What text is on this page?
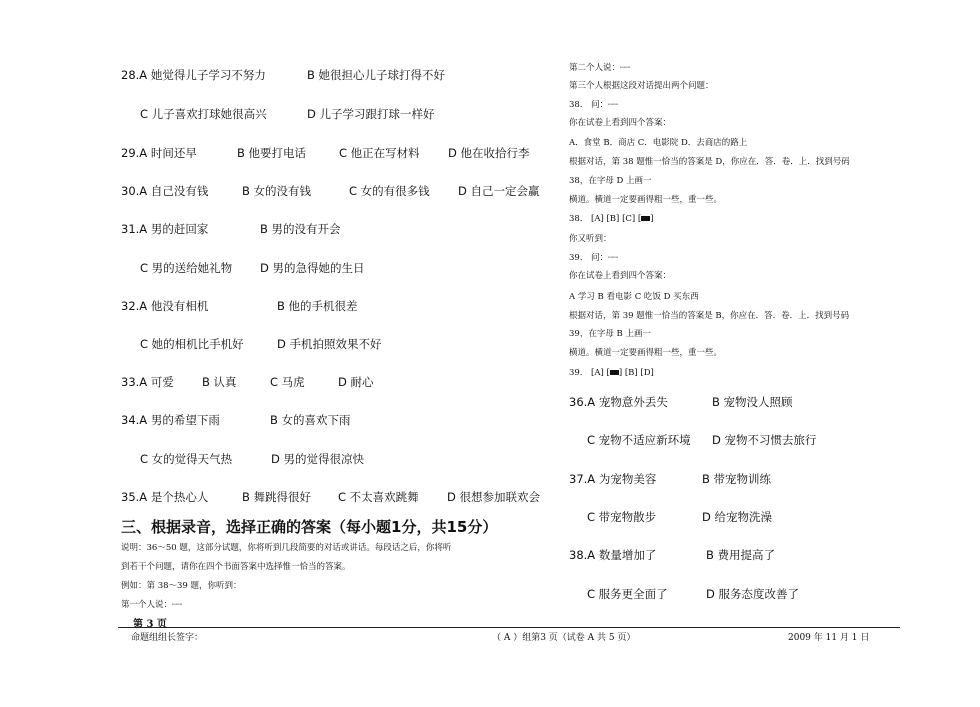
28.A 她觉得儿子学习不努力	B 她很担心儿子球打得不好
C 儿子喜欢打球她很高兴	D 儿子学习跟打球一样好
29.A 时间还早	B 他要打电话	C 他正在写材料 D 他在收拾行李
30.A 自己没有钱	B 女的没有钱	C 女的有很多钱 D 自己一定会赢
31.A 男的赶回家	B 男的没有开会
C 男的送给她礼物 D 男的急得她的生日
32.A 他没有相机	B 他的手机很差
C 她的相机比手机好	D 手机拍照效果不好
33.A 可爱 B 认真	C 马虎	D 耐心
34.A 男的希望下雨	B 女的喜欢下雨
C 女的觉得天气热	D 男的觉得很凉快
35.A 是个热心人	B 舞跳得很好 C 不太喜欢跳舞 D 很想参加联欢会
三、根据录音，选择正确的答案（每小题1分，共15分）
说明：36～50 题，这部分试题，你将听到几段简要的对话或讲话。每段话之后，你将听
到若干个问题，请你在四个书面答案中选择惟一恰当的答案。
例如：第 38～39 题，你听到：
第一个人说：┈┈
第二个人说：┈┈
第三个人根据这段对话提出两个问题：
38． 问：┈┈
你在试卷上看到四个答案：
A．食堂 B．商店 C．电影院 D．去商店的路上
根据对话，第 38 题惟一恰当的答案是 D，你应在．答．卷．上．找到号码
38，在字母 D 上画一
横道。横道一定要画得粗一些，重一些。
38． [A] [B] [C] [ ]
你又听到：
39． 问：┈┈
你在试卷上看到四个答案：
A 学习 B 看电影 C 吃饭 D 买东西
根据对话，第 39 题惟一恰当的答案是 B，你应在．答．卷．上．找到号码
39，在字母 B 上画一
横道。横道一定要画得粗一些，重一些。
39． [A] [ ] [B] [D]
36.A 宠物意外丢失	B 宠物没人照顾
C 宠物不适应新环境 D 宠物不习惯去旅行
37.A 为宠物美容	B 带宠物训练
C 带宠物散步	D 给宠物洗澡
38.A 数量增加了	B 费用提高了
C 服务更全面了	D 服务态度改善了
第 3 页
命题组组长签字：	（ A ）组第3 页（试卷 A 共 5 页）	2009 年 11 月 1 日
